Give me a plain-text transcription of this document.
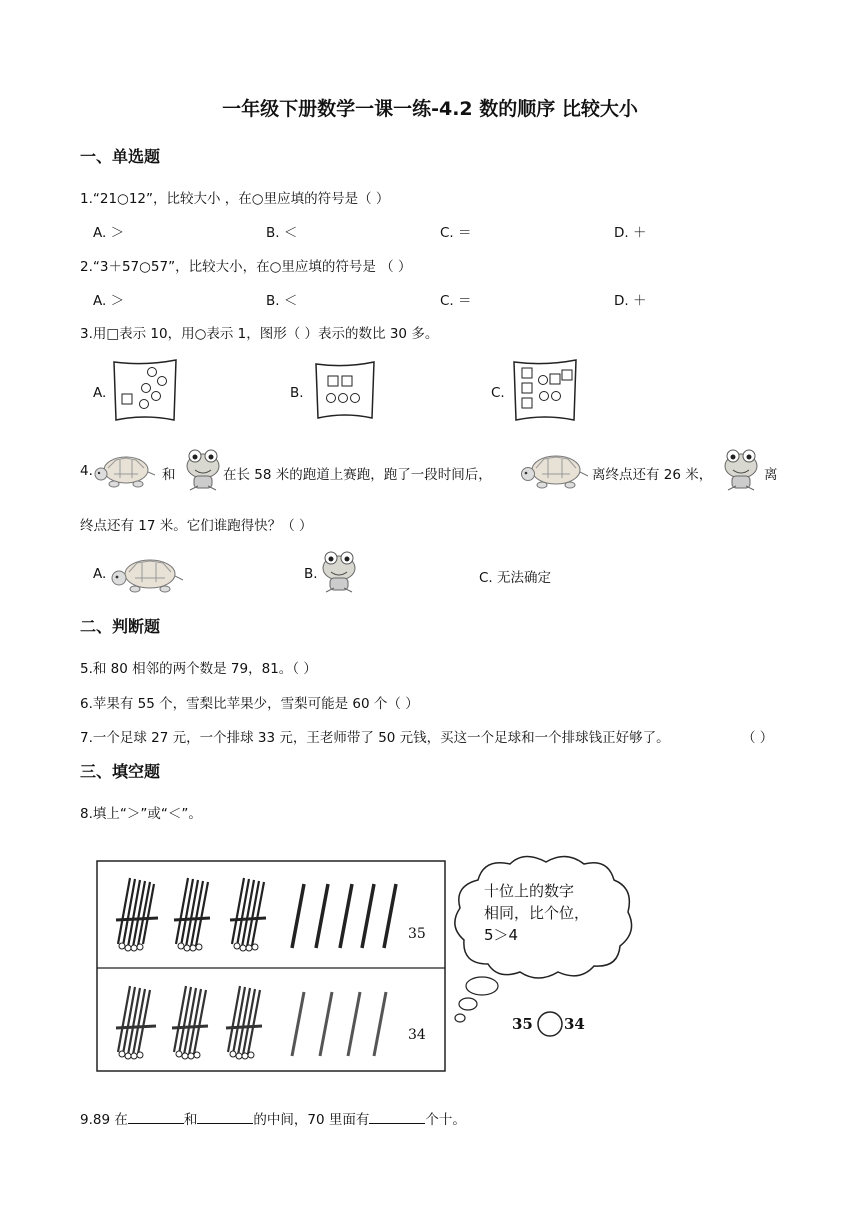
一年级下册数学一课一练-4.2 数的顺序 比较大小
一、单选题
1.“21○12”，比较大小 ，在○里应填的符号是（ ）
A. ＞	B. ＜	C. ＝	D. ＋
2.“3＋57○57”，比较大小，在○里应填的符号是 （ ）
A. ＞	B. ＜	C. ＝	D. ＋
3.用□表示 10，用○表示 1，图形（ ）表示的数比 30 多。
A.	B.	C.
4.	和	在长 58 米的跑道上赛跑，跑了一段时间后，	离终点还有 26 米，	离
终点还有 17 米。它们谁跑得快？（ ）
A.	B.	C. 无法确定
二、判断题
5.和 80 相邻的两个数是 79，81。（ ）
6.苹果有 55 个，雪梨比苹果少，雪梨可能是 60 个（ ）
7.一个足球 27 元，一个排球 33 元，王老师带了 50 元钱，买这一个足球和一个排球钱正好够了。	（ ）
三、填空题
8.填上“＞”或“＜”。
35
34
十位上的数字
相同，比个位，
5＞4
35 34
9.89 在	和	的中间，70 里面有	个十。
